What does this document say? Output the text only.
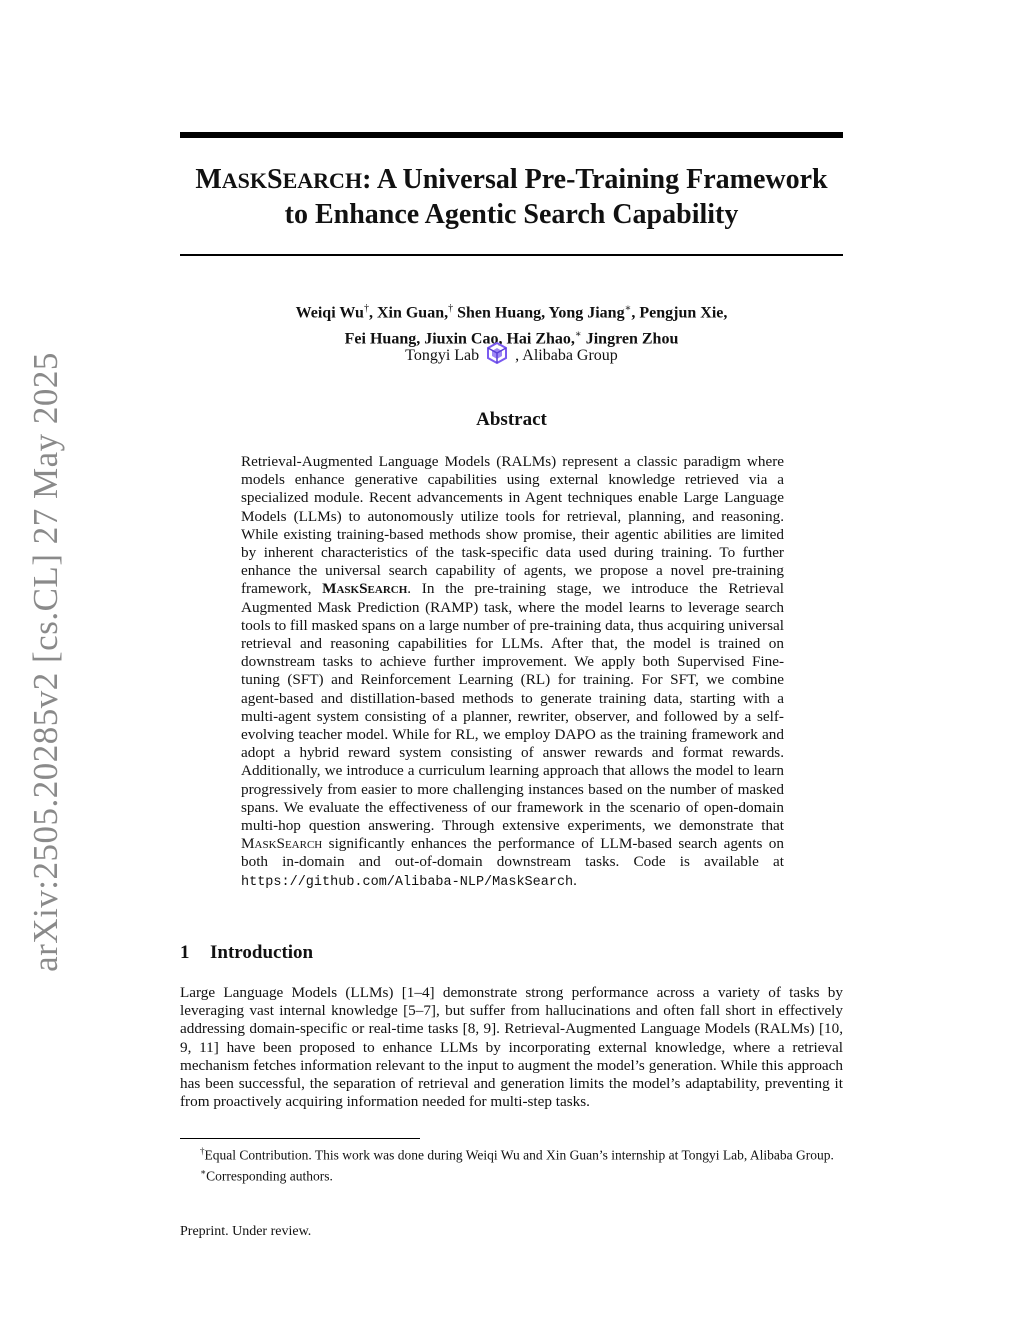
arXiv:2505.20285v2 [cs.CL] 27 May 2025
MASKSEARCH: A Universal Pre-Training Framework
to Enhance Agentic Search Capability
Weiqi Wu†, Xin Guan,† Shen Huang, Yong Jiang∗, Pengjun Xie,
Fei Huang, Jiuxin Cao, Hai Zhao,∗ Jingren Zhou
Tongyi Lab , Alibaba Group
Abstract

Retrieval-Augmented Language Models (RALMs) represent a classic paradigm where models enhance generative capabilities using external knowledge retrieved via a specialized module. Recent advancements in Agent techniques enable Large Language Models (LLMs) to autonomously utilize tools for retrieval, planning, and reasoning. While existing training-based methods show promise, their agentic abilities are limited by inherent characteristics of the task-specific data used during training. To further enhance the universal search capability of agents, we propose a novel pre-training framework, MaskSearch. In the pre-training stage, we introduce the Retrieval Augmented Mask Prediction (RAMP) task, where the model learns to leverage search tools to fill masked spans on a large number of pre-training data, thus acquiring universal retrieval and reasoning capabilities for LLMs. After that, the model is trained on downstream tasks to achieve further improvement. We apply both Supervised Fine-tuning (SFT) and Reinforcement Learning (RL) for training. For SFT, we combine agent-based and distillation-based methods to generate training data, starting with a multi-agent system consisting of a planner, rewriter, observer, and followed by a self-evolving teacher model. While for RL, we employ DAPO as the training framework and adopt a hybrid reward system consisting of answer rewards and format rewards. Additionally, we introduce a curriculum learning approach that allows the model to learn progressively from easier to more challenging instances based on the number of masked spans. We evaluate the effectiveness of our framework in the scenario of open-domain multi-hop question answering. Through extensive experiments, we demonstrate that MaskSearch significantly enhances the performance of LLM-based search agents on both in-domain and out-of-domain downstream tasks. Code is available at https://github.com/Alibaba-NLP/MaskSearch.

1 Introduction

Large Language Models (LLMs) [1–4] demonstrate strong performance across a variety of tasks by leveraging vast internal knowledge [5–7], but suffer from hallucinations and often fall short in effectively addressing domain-specific or real-time tasks [8, 9]. Retrieval-Augmented Language Models (RALMs) [10, 9, 11] have been proposed to enhance LLMs by incorporating external knowledge, where a retrieval mechanism fetches information relevant to the input to augment the model’s generation. While this approach has been successful, the separation of retrieval and generation limits the model’s adaptability, preventing it from proactively acquiring information needed for multi-step tasks.

†Equal Contribution. This work was done during Weiqi Wu and Xin Guan’s internship at Tongyi Lab, Alibaba Group.

∗Corresponding authors.

Preprint. Under review.
